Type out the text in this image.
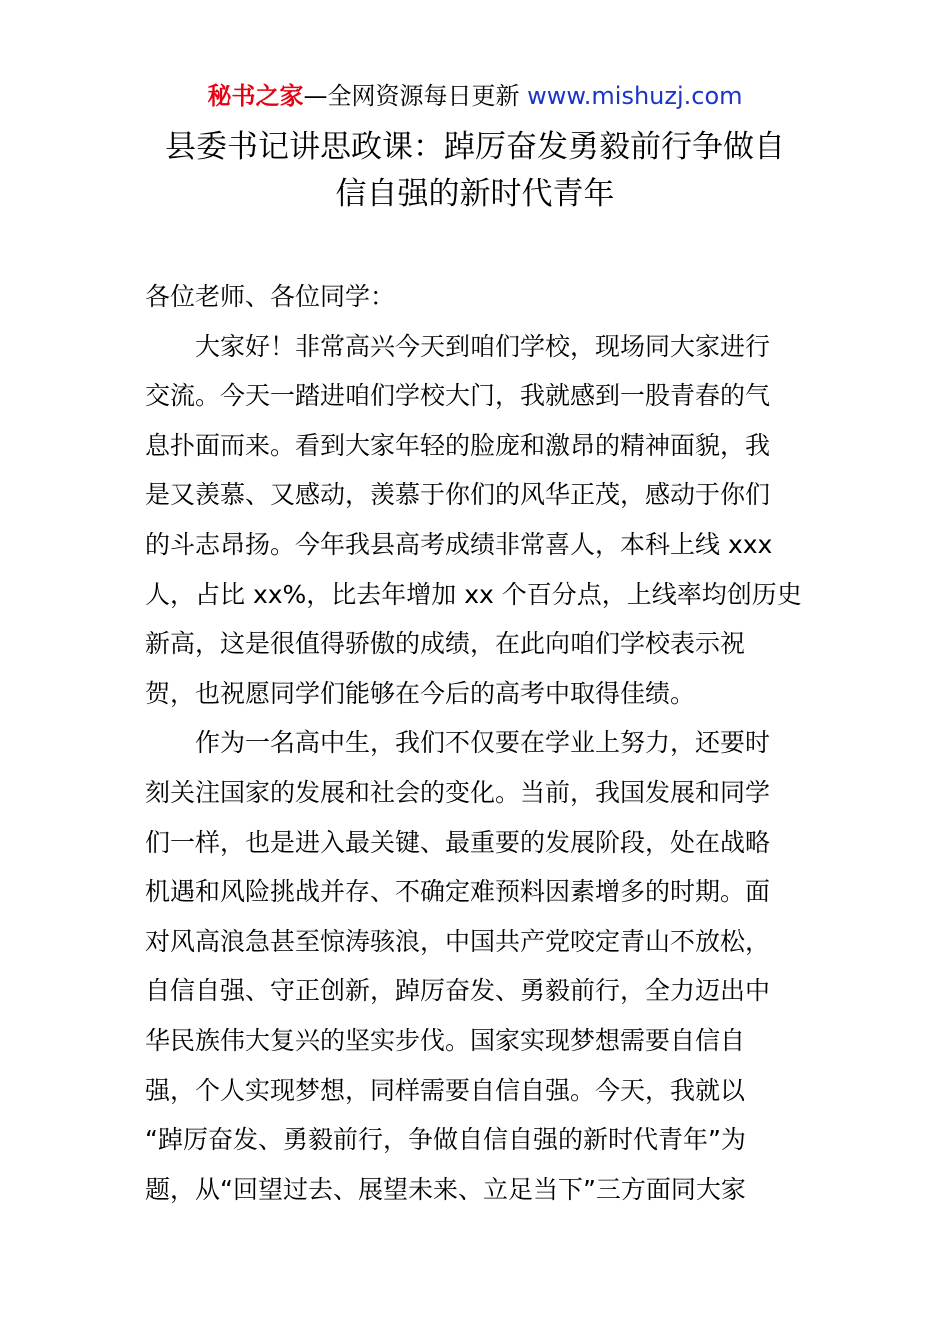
秘书之家—全网资源每日更新 www.mishuzj.com
县委书记讲思政课：踔厉奋发勇毅前行争做自
信自强的新时代青年
各位老师、各位同学：
大家好！非常高兴今天到咱们学校，现场同大家进行
交流。今天一踏进咱们学校大门，我就感到一股青春的气
息扑面而来。看到大家年轻的脸庞和激昂的精神面貌，我
是又羡慕、又感动，羡慕于你们的风华正茂，感动于你们
的斗志昂扬。今年我县高考成绩非常喜人，本科上线 xxx
人，占比 xx%，比去年增加 xx 个百分点，上线率均创历史
新高，这是很值得骄傲的成绩，在此向咱们学校表示祝
贺，也祝愿同学们能够在今后的高考中取得佳绩。
作为一名高中生，我们不仅要在学业上努力，还要时
刻关注国家的发展和社会的变化。当前，我国发展和同学
们一样，也是进入最关键、最重要的发展阶段，处在战略
机遇和风险挑战并存、不确定难预料因素增多的时期。面
对风高浪急甚至惊涛骇浪，中国共产党咬定青山不放松，
自信自强、守正创新，踔厉奋发、勇毅前行，全力迈出中
华民族伟大复兴的坚实步伐。国家实现梦想需要自信自
强，个人实现梦想，同样需要自信自强。今天，我就以
“踔厉奋发、勇毅前行，争做自信自强的新时代青年”为
题，从“回望过去、展望未来、立足当下”三方面同大家
